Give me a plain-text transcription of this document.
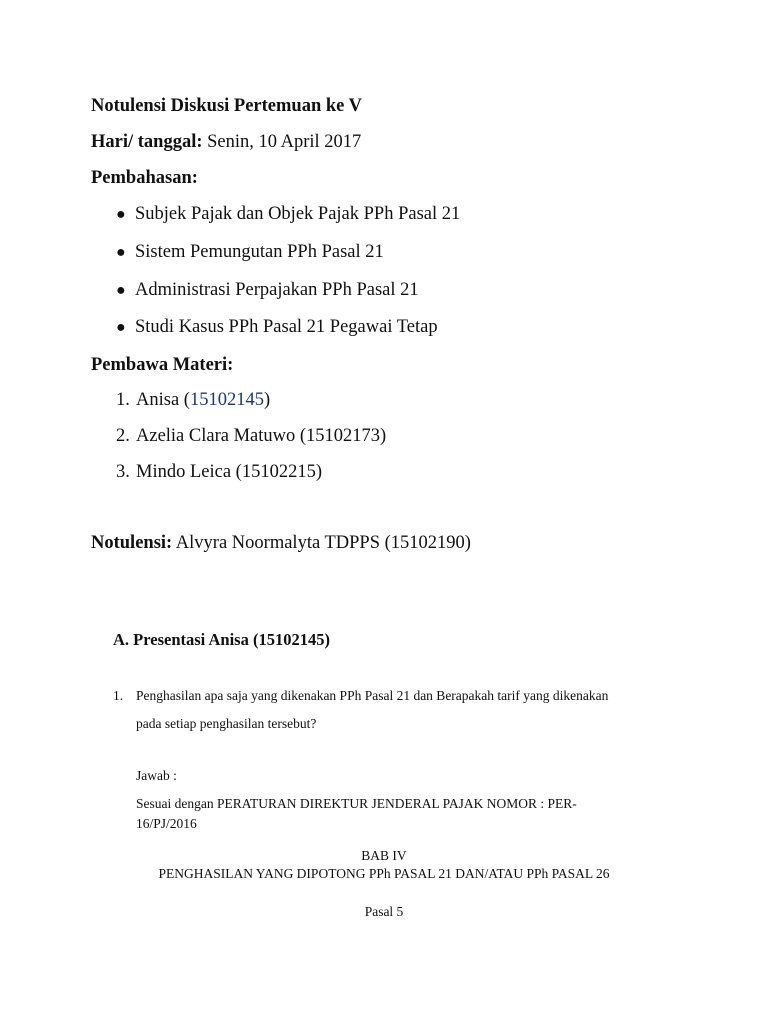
Notulensi Diskusi Pertemuan ke V
Hari/ tanggal: Senin, 10 April 2017
Pembahasan:
● Subjek Pajak dan Objek Pajak PPh Pasal 21
● Sistem Pemungutan PPh Pasal 21
● Administrasi Perpajakan PPh Pasal 21
● Studi Kasus PPh Pasal 21 Pegawai Tetap
Pembawa Materi:
1. Anisa (15102145)
2. Azelia Clara Matuwo (15102173)
3. Mindo Leica (15102215)
Notulensi: Alvyra Noormalyta TDPPS (15102190)
A. Presentasi Anisa (15102145)
1. Penghasilan apa saja yang dikenakan PPh Pasal 21 dan Berapakah tarif yang dikenakan
pada setiap penghasilan tersebut?
Jawab :
Sesuai dengan PERATURAN DIREKTUR JENDERAL PAJAK NOMOR : PER-
16/PJ/2016
BAB IV
PENGHASILAN YANG DIPOTONG PPh PASAL 21 DAN/ATAU PPh PASAL 26
Pasal 5
